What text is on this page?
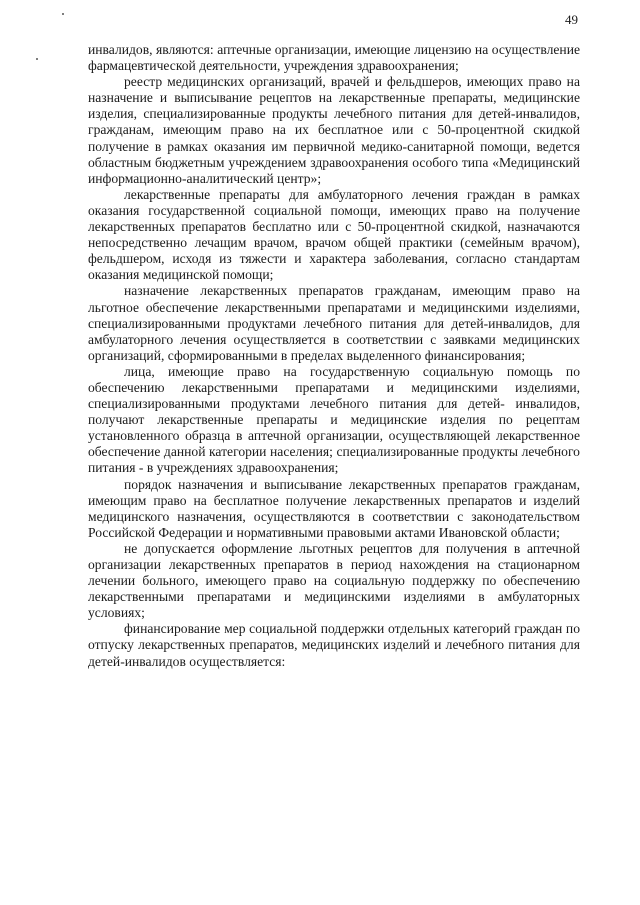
49

инвалидов, являются: аптечные организации, имеющие лицензию на осуществление фармацевтической деятельности, учреждения здравоохранения;

реестр медицинских организаций, врачей и фельдшеров, имеющих право на назначение и выписывание рецептов на лекарственные препараты, медицинские изделия, специализированные продукты лечебного питания для детей-инвалидов, гражданам, имеющим право на их бесплатное или с 50-процентной скидкой получение в рамках оказания им первичной медико-санитарной помощи, ведется областным бюджетным учреждением здравоохранения особого типа «Медицинский информационно-аналитический центр»;

лекарственные препараты для амбулаторного лечения граждан в рамках оказания государственной социальной помощи, имеющих право на получение лекарственных препаратов бесплатно или с 50-процентной скидкой, назначаются непосредственно лечащим врачом, врачом общей практики (семейным врачом), фельдшером, исходя из тяжести и характера заболевания, согласно стандартам оказания медицинской помощи;

назначение лекарственных препаратов гражданам, имеющим право на льготное обеспечение лекарственными препаратами и медицинскими изделиями, специализированными продуктами лечебного питания для детей-инвалидов, для амбулаторного лечения осуществляется в соответствии с заявками медицинских организаций, сформированными в пределах выделенного финансирования;

лица, имеющие право на государственную социальную помощь по обеспечению лекарственными препаратами и медицинскими изделиями, специализированными продуктами лечебного питания для детей- инвалидов, получают лекарственные препараты и медицинские изделия по рецептам установленного образца в аптечной организации, осуществляющей лекарственное обеспечение данной категории населения; специализированные продукты лечебного питания - в учреждениях здравоохранения;

порядок назначения и выписывание лекарственных препаратов гражданам, имеющим право на бесплатное получение лекарственных препаратов и изделий медицинского назначения, осуществляются в соответствии с законодательством Российской Федерации и нормативными правовыми актами Ивановской области;

не допускается оформление льготных рецептов для получения в аптечной организации лекарственных препаратов в период нахождения на стационарном лечении больного, имеющего право на социальную поддержку по обеспечению лекарственными препаратами и медицинскими изделиями в амбулаторных условиях;

финансирование мер социальной поддержки отдельных категорий граждан по отпуску лекарственных препаратов, медицинских изделий и лечебного питания для детей-инвалидов осуществляется:
